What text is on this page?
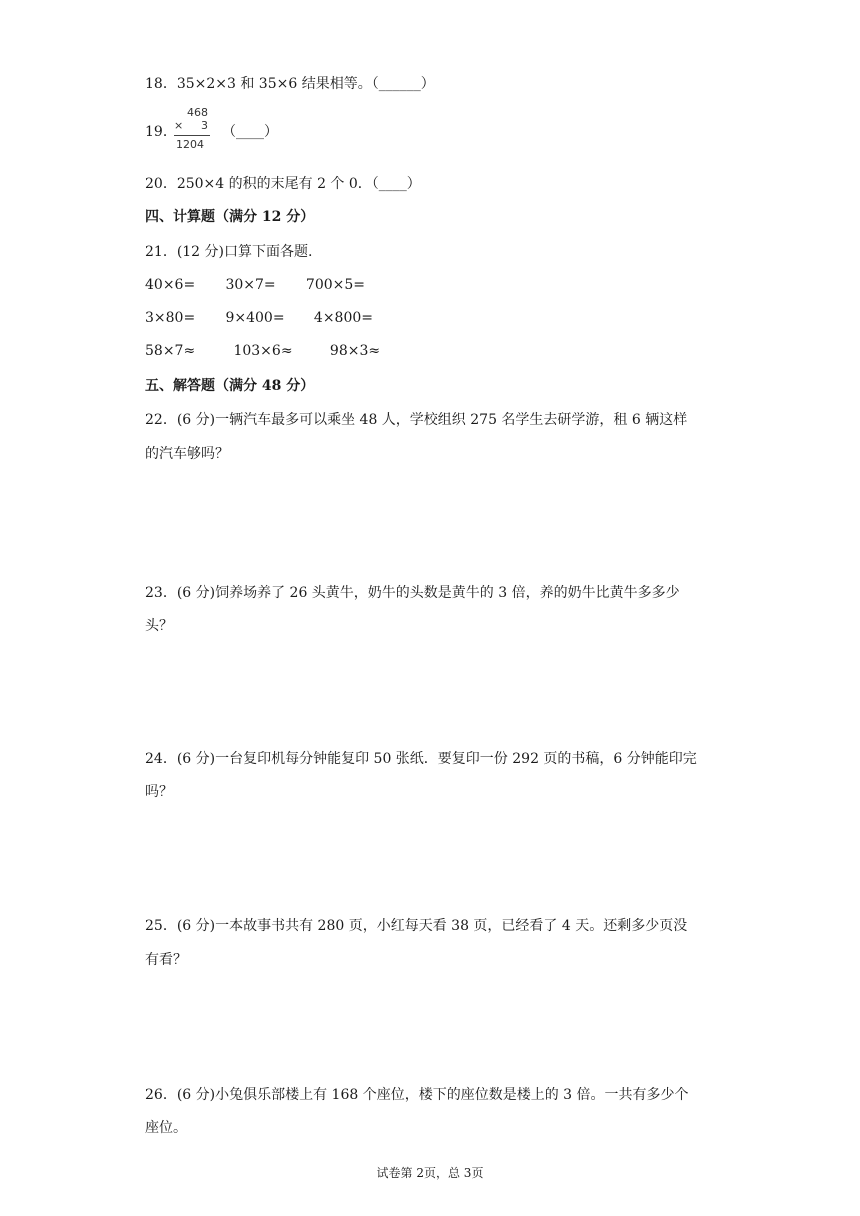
18．35×2×3 和 35×6 结果相等。（______）
19．
468
× 3
1204
（____）
20．250×4 的积的末尾有 2 个 0．（____）
四、计算题（满分 12 分）
21．(12 分)口算下面各题.
40×6= 30×7= 700×5=
3×80= 9×400= 4×800=
58×7≈	103×6≈	98×3≈
五、解答题（满分 48 分）
22．(6 分)一辆汽车最多可以乘坐 48 人，学校组织 275 名学生去研学游，租 6 辆这样
的汽车够吗？
23．(6 分)饲养场养了 26 头黄牛，奶牛的头数是黄牛的 3 倍，养的奶牛比黄牛多多少
头？
24．(6 分)一台复印机每分钟能复印 50 张纸．要复印一份 292 页的书稿，6 分钟能印完
吗？
25．(6 分)一本故事书共有 280 页，小红每天看 38 页，已经看了 4 天。还剩多少页没
有看？
26．(6 分)小兔俱乐部楼上有 168 个座位，楼下的座位数是楼上的 3 倍。一共有多少个
座位。
试卷第 2页，总 3页
